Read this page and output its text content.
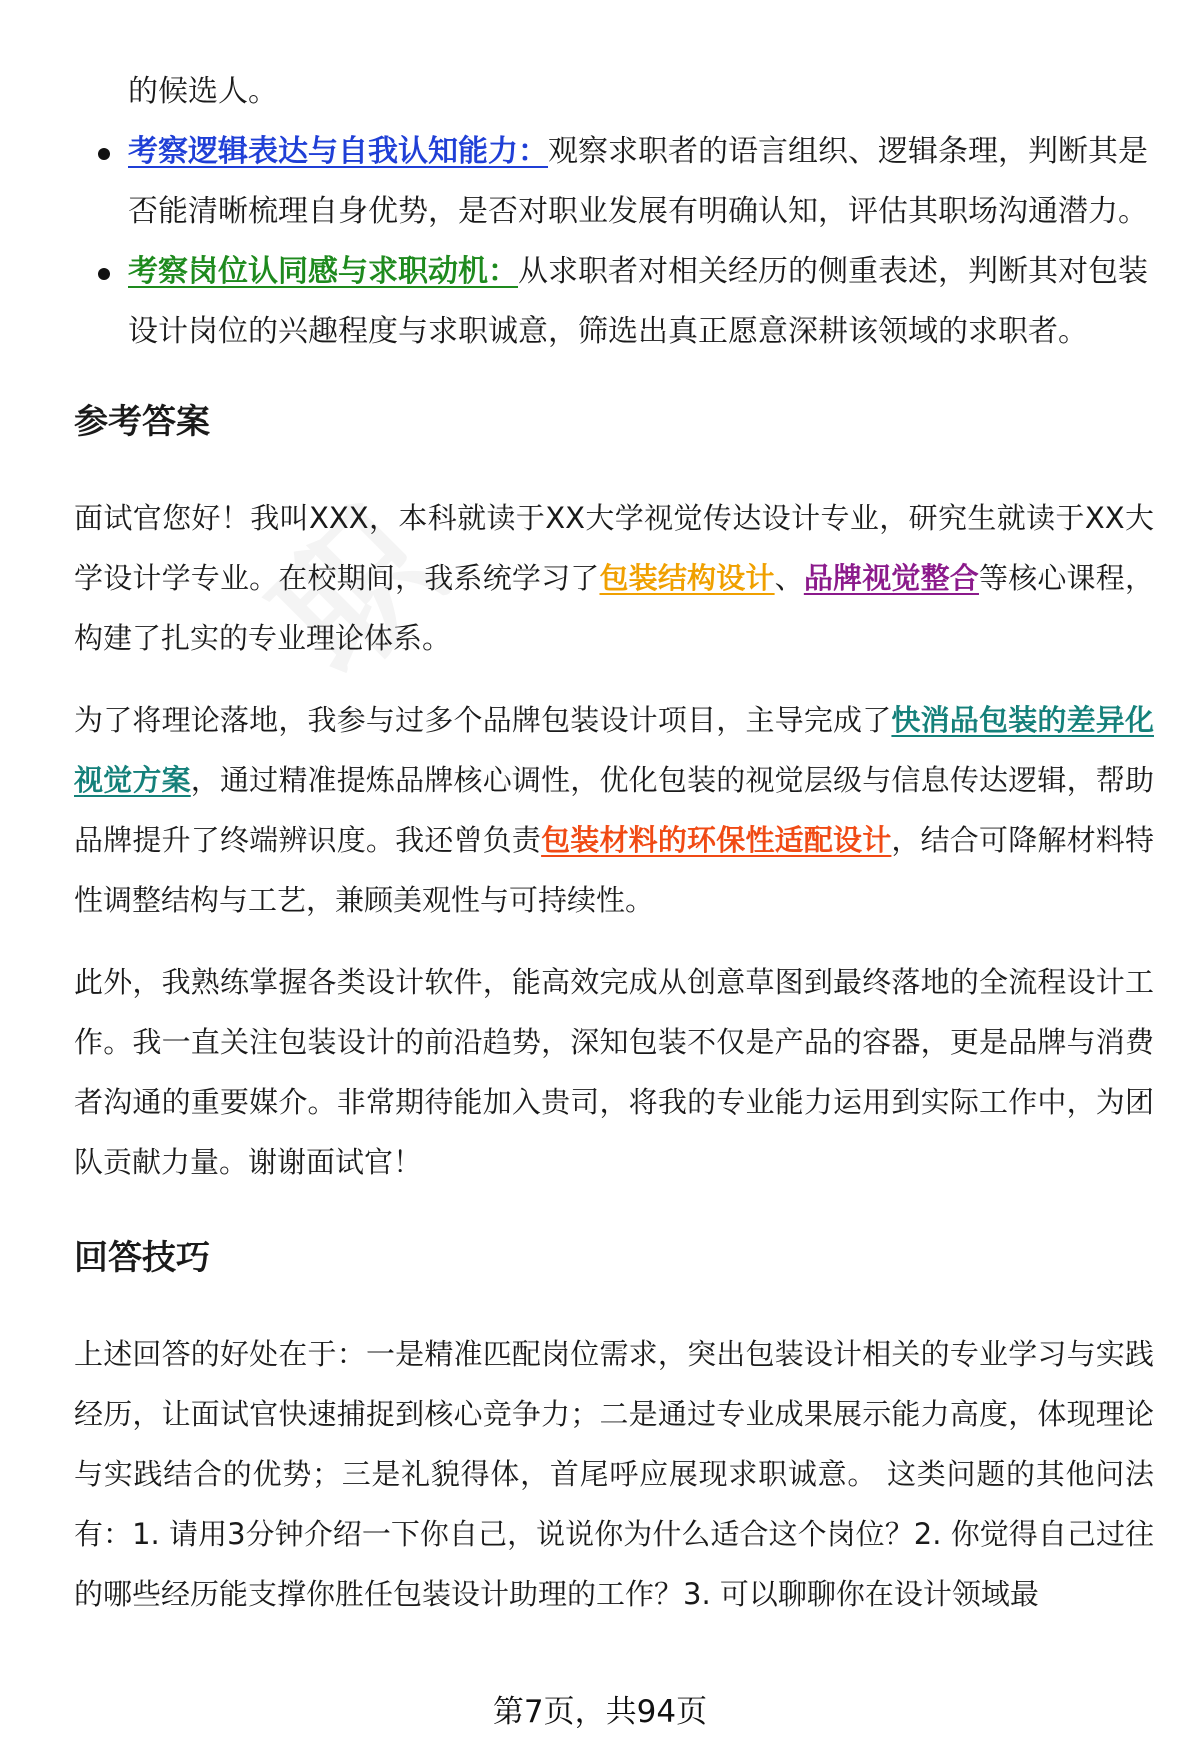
的候选人。
考察逻辑表达与自我认知能力：观察求职者的语言组织、逻辑条理，判断其是否能清晰梳理自身优势，是否对职业发展有明确认知，评估其职场沟通潜力。
考察岗位认同感与求职动机：从求职者对相关经历的侧重表述，判断其对包装设计岗位的兴趣程度与求职诚意，筛选出真正愿意深耕该领域的求职者。
参考答案

面试官您好！我叫XXX，本科就读于XX大学视觉传达设计专业，研究生就读于XX大学设计学专业。在校期间，我系统学习了包装结构设计、品牌视觉整合等核心课程，构建了扎实的专业理论体系。

为了将理论落地，我参与过多个品牌包装设计项目，主导完成了快消品包装的差异化视觉方案，通过精准提炼品牌核心调性，优化包装的视觉层级与信息传达逻辑，帮助品牌提升了终端辨识度。我还曾负责包装材料的环保性适配设计，结合可降解材料特性调整结构与工艺，兼顾美观性与可持续性。

此外，我熟练掌握各类设计软件，能高效完成从创意草图到最终落地的全流程设计工作。我一直关注包装设计的前沿趋势，深知包装不仅是产品的容器，更是品牌与消费者沟通的重要媒介。非常期待能加入贵司，将我的专业能力运用到实际工作中，为团队贡献力量。谢谢面试官！

回答技巧

上述回答的好处在于：一是精准匹配岗位需求，突出包装设计相关的专业学习与实践经历，让面试官快速捕捉到核心竞争力；二是通过专业成果展示能力高度，体现理论与实践结合的优势；三是礼貌得体，首尾呼应展现求职诚意。 这类问题的其他问法有：1. 请用3分钟介绍一下你自己，说说你为什么适合这个岗位？2. 你觉得自己过往的哪些经历能支撑你胜任包装设计助理的工作？3. 可以聊聊你在设计领域最

第7页，共94页
